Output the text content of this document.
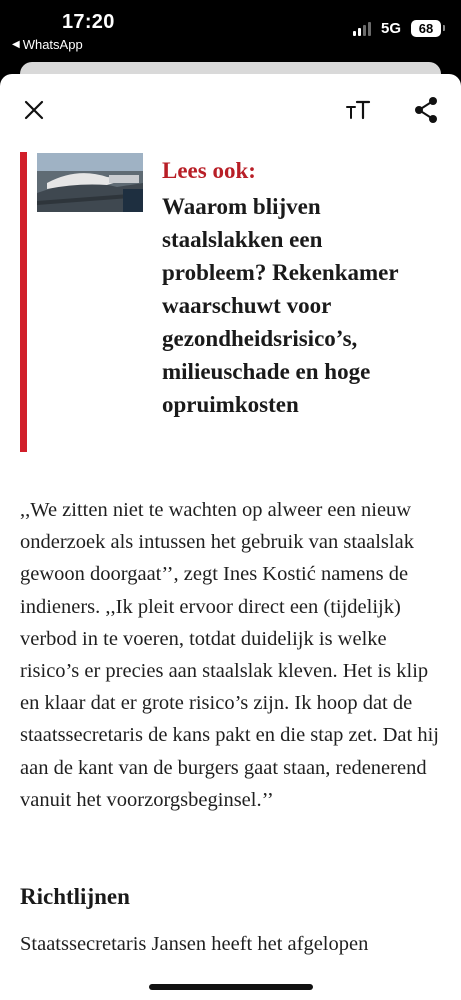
17:20
◀ WhatsApp
5G	68
Lees ook:
Waarom blijven staalslakken een probleem? Rekenkamer waarschuwt voor gezondheidsrisico’s, milieuschade en hoge opruimkosten
,,We zitten niet te wachten op alweer een nieuw onderzoek als intussen het gebruik van staalslak gewoon doorgaat’’, zegt Ines Kostić namens de indieners. ,,Ik pleit ervoor direct een (tijdelijk) verbod in te voeren, totdat duidelijk is welke risico’s er precies aan staalslak kleven. Het is klip en klaar dat er grote risico’s zijn. Ik hoop dat de staatssecretaris de kans pakt en die stap zet. Dat hij aan de kant van de burgers gaat staan, redenerend vanuit het voorzorgsbeginsel.’’
Richtlijnen
Staatssecretaris Jansen heeft het afgelopen
